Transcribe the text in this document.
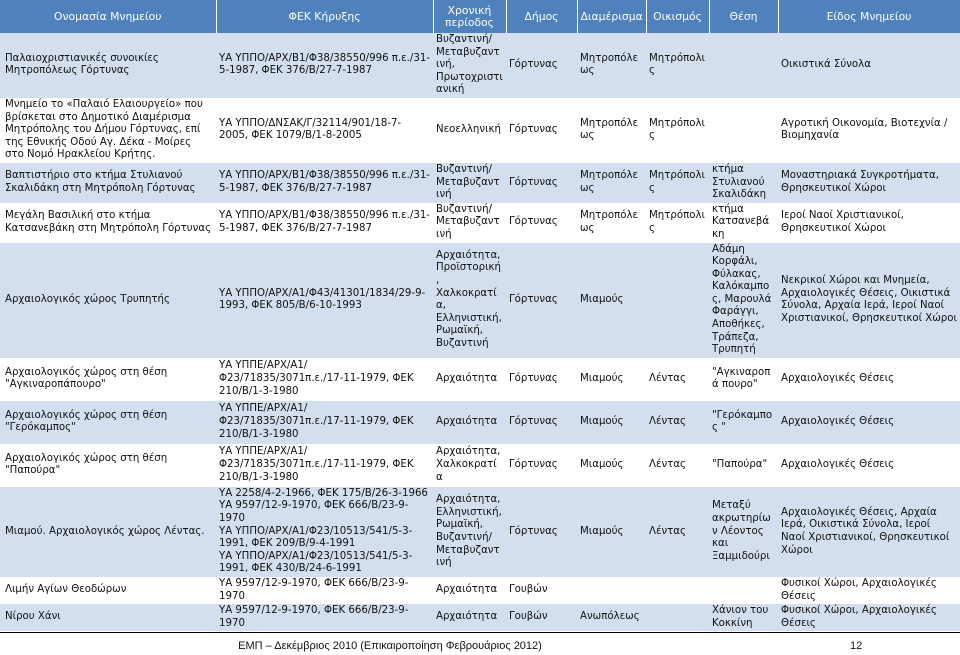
Ονομασία Μνημείου	ΦΕΚ Κήρυξης	Χρονική περίοδος	Δήμος	Διαμέρισμα	Οικισμός	Θέση	Είδος Μνημείου
Παλαιοχριστιανικές συνοικίες Μητροπόλεως Γόρτυνας	ΥΑ ΥΠΠΟ/ΑΡΧ/Β1/Φ38/38550/996 π.ε./31-5-1987, ΦΕΚ 376/Β/27-7-1987	Βυζαντινή/Μεταβυζαντινή, Πρωτοχριστιανική	Γόρτυνας	Μητροπόλεως	Μητρόπολις		Οικιστικά Σύνολα
Μνημείο το «Παλαιό Ελαιουργείο» που βρίσκεται στο Δημοτικό Διαμέρισμα Μητρόπολης του Δήμου Γόρτυνας, επί της Εθνικής Οδού Αγ. Δέκα - Μοίρες στο Νομό Ηρακλείου Κρήτης.	ΥΑ ΥΠΠΟ/ΔΝΣΑΚ/Γ/32114/901/18-7-2005, ΦΕΚ 1079/Β/1-8-2005	Νεοελληνική	Γόρτυνας	Μητροπόλεως	Μητρόπολις		Αγροτική Οικονομία, Βιοτεχνία / Βιομηχανία
Βαπτιστήριο στο κτήμα Στυλιανού Σκαλιδάκη στη Μητρόπολη Γόρτυνας	ΥΑ ΥΠΠΟ/ΑΡΧ/Β1/Φ38/38550/996 π.ε./31-5-1987, ΦΕΚ 376/Β/27-7-1987	Βυζαντινή/Μεταβυζαντινή	Γόρτυνας	Μητροπόλεως	Μητρόπολις	κτήμα Στυλιανού Σκαλιδάκη	Μοναστηριακά Συγκροτήματα, Θρησκευτικοί Χώροι
Μεγάλη Βασιλική στο κτήμα Κατσανεβάκη στη Μητρόπολη Γόρτυνας	ΥΑ ΥΠΠΟ/ΑΡΧ/Β1/Φ38/38550/996 π.ε./31-5-1987, ΦΕΚ 376/Β/27-7-1987	Βυζαντινή/Μεταβυζαντινή	Γόρτυνας	Μητροπόλεως	Μητρόπολις	κτήμα Κατσανεβάκη	Ιεροί Ναοί Χριστιανικοί, Θρησκευτικοί Χώροι
Αρχαιολογικός χώρος Τρυπητής	ΥΑ ΥΠΠΟ/ΑΡΧ/Α1/Φ43/41301/1834/29-9-1993, ΦΕΚ 805/Β/6-10-1993	Αρχαιότητα, Προϊστορική, Χαλκοκρατία, Ελληνιστική, Ρωμαϊκή, Βυζαντινή	Γόρτυνας	Μιαμούς		Αδάμη Κορφάλι, Φύλακας, Καλόκαμπος, Μαρουλά Φαράγγι, Αποθήκες, Τράπεζα, Τρυπητή	Νεκρικοί Χώροι και Μνημεία, Αρχαιολογικές Θέσεις, Οικιστικά Σύνολα, Αρχαία Ιερά, Ιεροί Ναοί Χριστιανικοί, Θρησκευτικοί Χώροι
Αρχαιολογικός χώρος στη θέση "Αγκιναροπάπουρο"	ΥΑ ΥΠΠΕ/ΑΡΧ/Α1/Φ23/71835/3071π.ε./17-11-1979, ΦΕΚ 210/Β/1-3-1980	Αρχαιότητα	Γόρτυνας	Μιαμούς	Λέντας	"Αγκιναροπά πουρο"	Αρχαιολογικές Θέσεις
Αρχαιολογικός χώρος στη θέση "Γερόκαμπος"	ΥΑ ΥΠΠΕ/ΑΡΧ/Α1/Φ23/71835/3071π.ε./17-11-1979, ΦΕΚ 210/Β/1-3-1980	Αρχαιότητα	Γόρτυνας	Μιαμούς	Λέντας	"Γερόκαμπος "	Αρχαιολογικές Θέσεις
Αρχαιολογικός χώρος στη θέση "Παπούρα"	ΥΑ ΥΠΠΕ/ΑΡΧ/Α1/Φ23/71835/3071π.ε./17-11-1979, ΦΕΚ 210/Β/1-3-1980	Αρχαιότητα, Χαλκοκρατία	Γόρτυνας	Μιαμούς	Λέντας	"Παπούρα"	Αρχαιολογικές Θέσεις
Μιαμού. Αρχαιολογικός χώρος Λέντας.	ΥΑ 2258/4-2-1966, ΦΕΚ 175/Β/26-3-1966
ΥΑ 9597/12-9-1970, ΦΕΚ 666/Β/23-9-1970
ΥΑ ΥΠΠΟ/ΑΡΧ/Α1/Φ23/10513/541/5-3-1991, ΦΕΚ 209/Β/9-4-1991
ΥΑ ΥΠΠΟ/ΑΡΧ/Α1/Φ23/10513/541/5-3-1991, ΦΕΚ 430/Β/24-6-1991	Αρχαιότητα, Ελληνιστική, Ρωμαϊκή, Βυζαντινή/Μεταβυζαντινή	Γόρτυνας	Μιαμούς	Λέντας	Μεταξύ ακρωτηρίων Λέοντος και Ξαμμιδούρι	Αρχαιολογικές Θέσεις, Αρχαία Ιερά, Οικιστικά Σύνολα, Ιεροί Ναοί Χριστιανικοί, Θρησκευτικοί Χώροι
Λιμήν Αγίων Θεοδώρων	ΥΑ 9597/12-9-1970, ΦΕΚ 666/Β/23-9-1970	Αρχαιότητα	Γουβών				Φυσικοί Χώροι, Αρχαιολογικές Θέσεις
Νίρου Χάνι	ΥΑ 9597/12-9-1970, ΦΕΚ 666/Β/23-9-1970	Αρχαιότητα	Γουβών	Ανωπόλεως		Χάνιον του Κοκκίνη	Φυσικοί Χώροι, Αρχαιολογικές Θέσεις
ΕΜΠ – Δεκέμβριος 2010 (Επικαιροποίηση Φεβρουάριος 2012)	12
